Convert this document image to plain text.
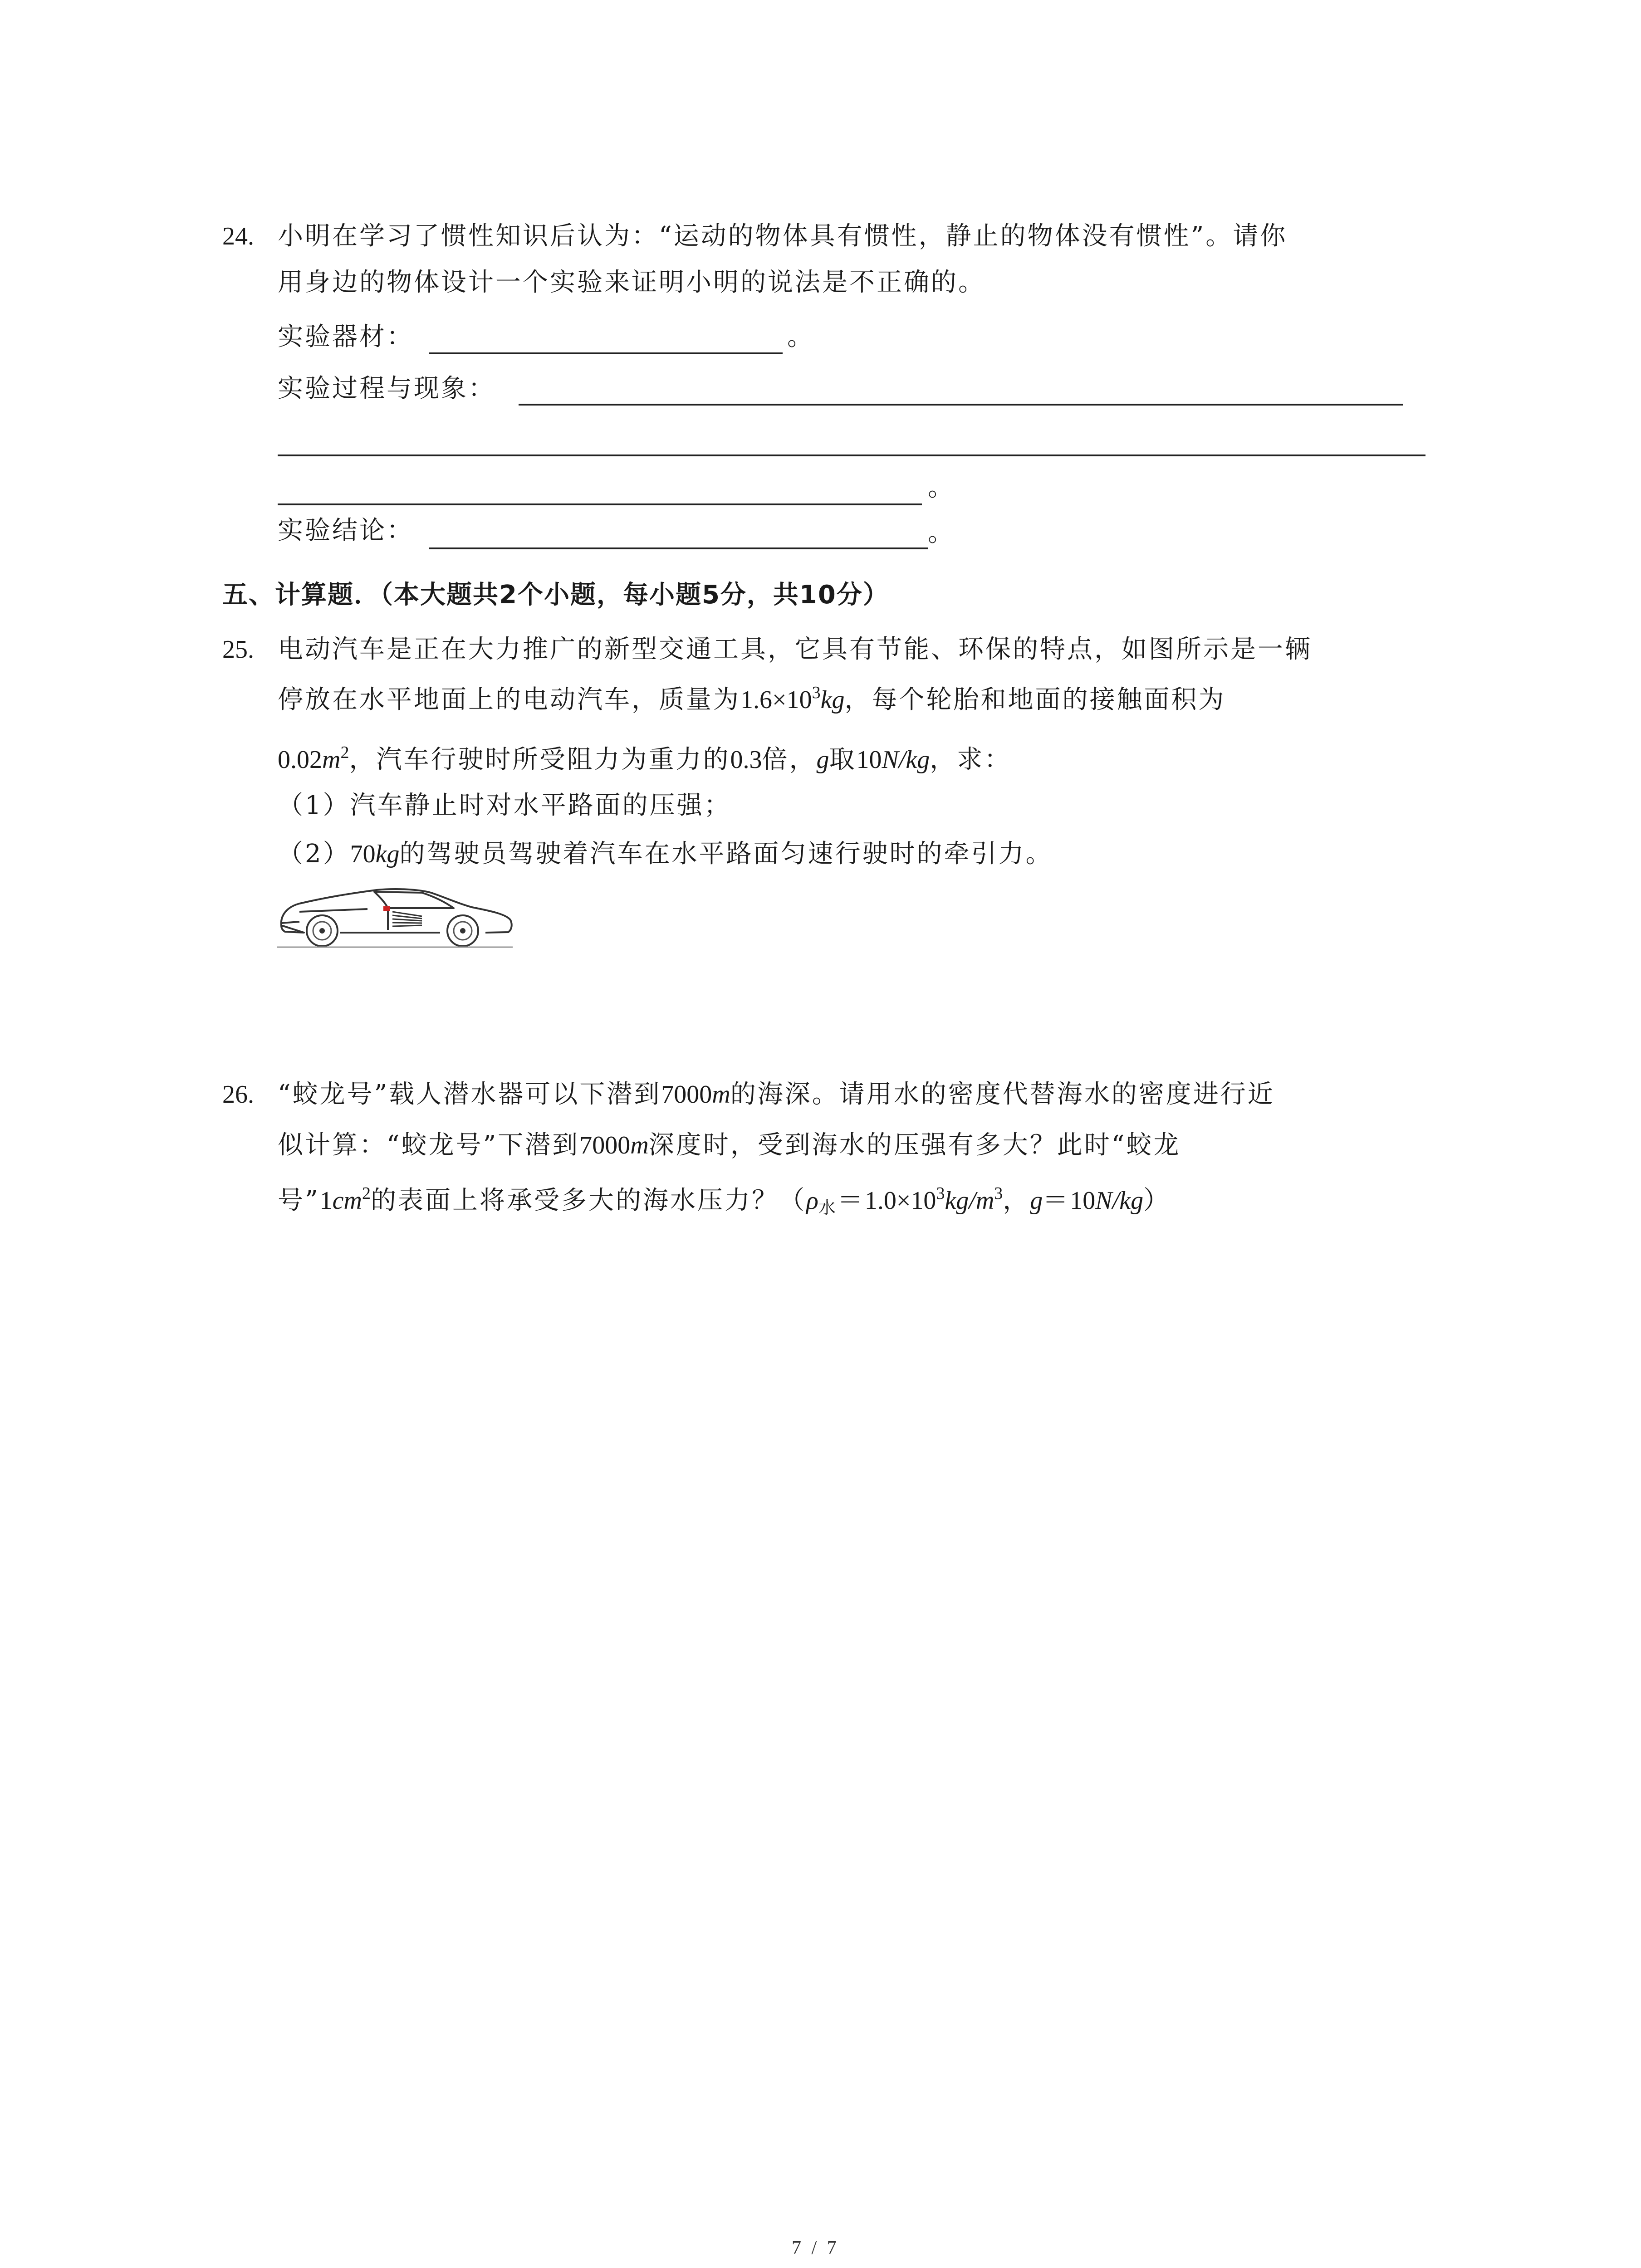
24. 小明在学习了惯性知识后认为：“运动的物体具有惯性，静止的物体没有惯性”。请你
用身边的物体设计一个实验来证明小明的说法是不正确的。
实验器材：	。
实验过程与现象：
。
实验结论：	。
五、计算题．（本大题共2个小题，每小题5分，共10分）
25. 电动汽车是正在大力推广的新型交通工具，它具有节能、环保的特点，如图所示是一辆
停放在水平地面上的电动汽车，质量为$1.6\times 10^3kg$，每个轮胎和地面的接触面积为
$0.02m^2$，汽车行驶时所受阻力为重力的0.3倍，g取10N/kg，求：
（1）汽车静止时对水平路面的压强；
（2）70kg的驾驶员驾驶着汽车在水平路面匀速行驶时的牵引力。
26. “蛟龙号”载人潜水器可以下潜到7000m的海深。请用水的密度代替海水的密度进行近
似计算：“蛟龙号”下潜到7000m深度时，受到海水的压强有多大？此时“蛟龙
号$”1cm^2$的表面上将承受多大的海水压力？（$\rho_水=1.0\times 10^3kg/m^3$，g＝10N/kg）
7 / 7
